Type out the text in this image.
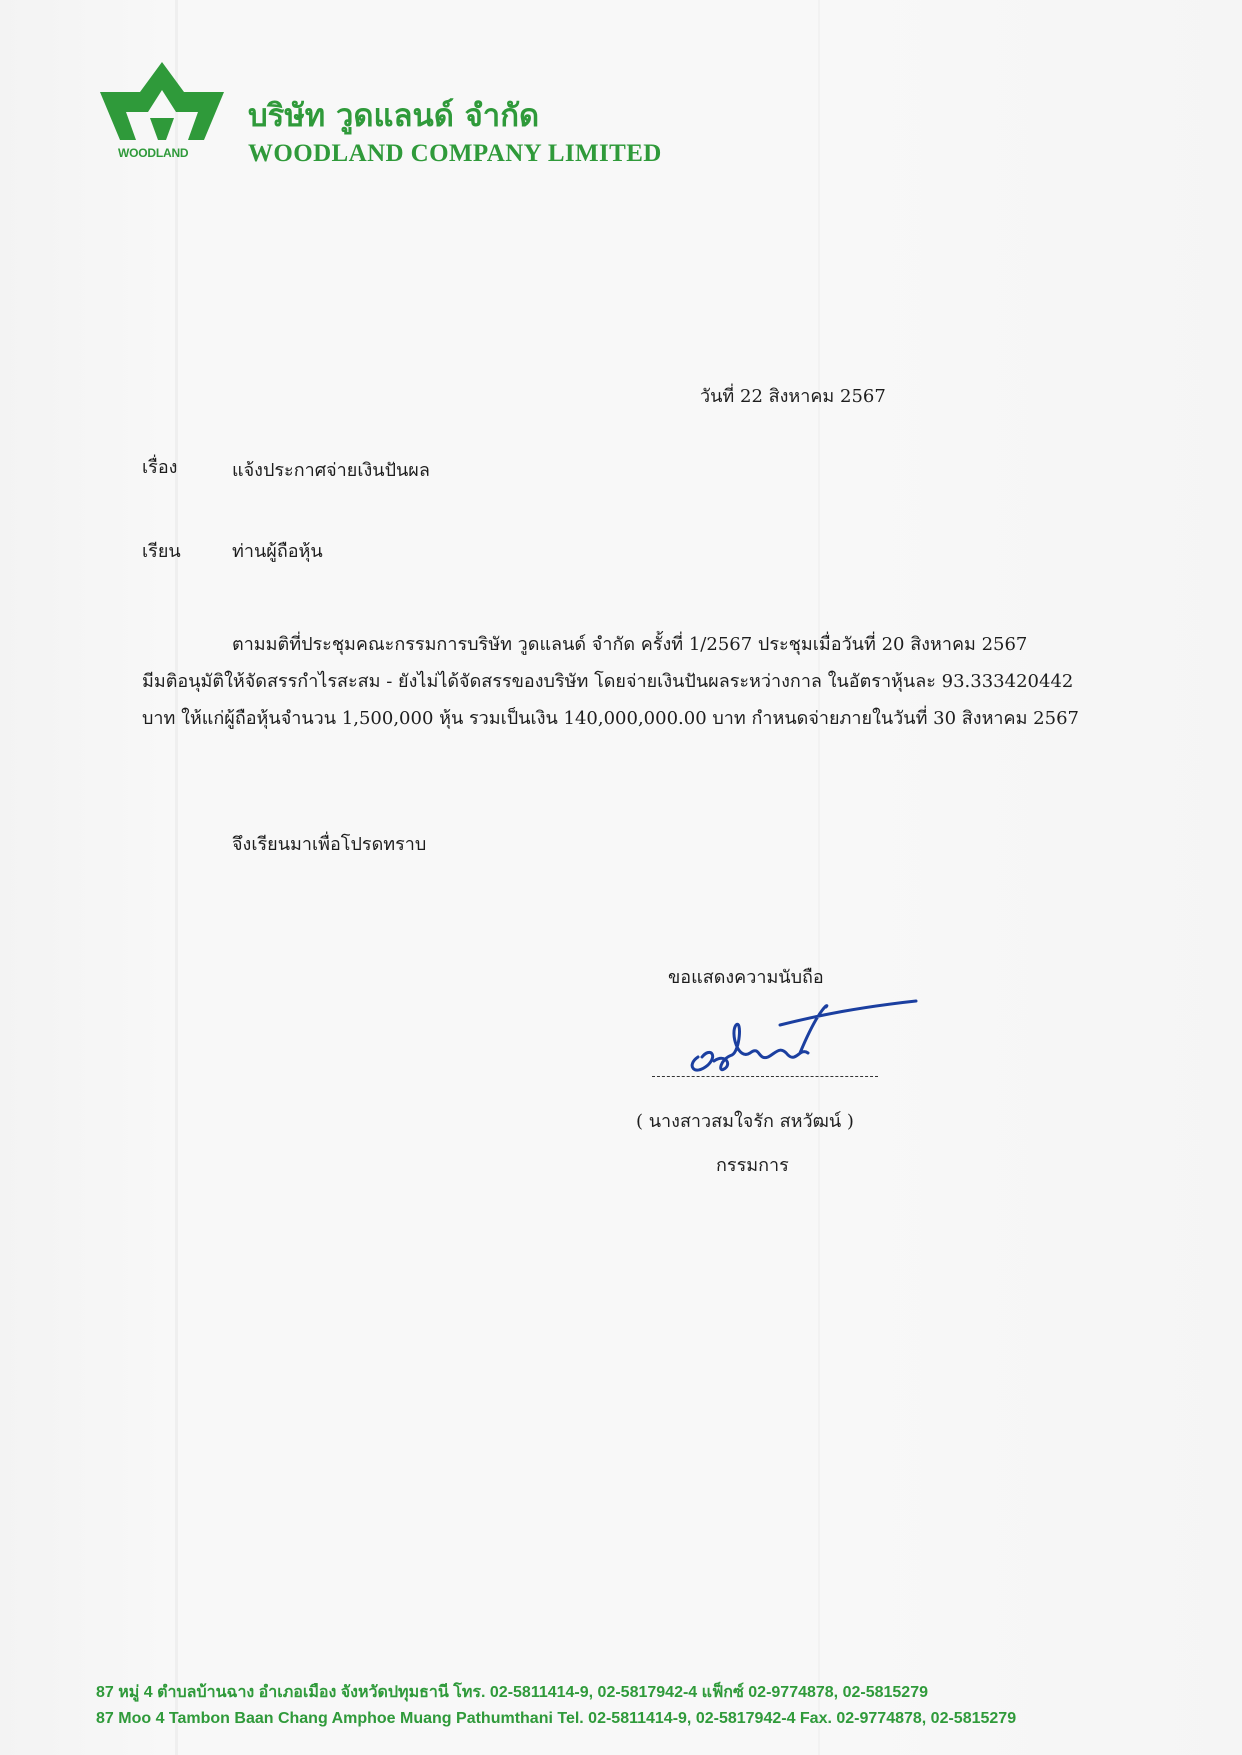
WOODLAND
บริษัท วูดแลนด์ จำกัด
WOODLAND COMPANY LIMITED
วันที่ 22 สิงหาคม 2567
เรื่อง	แจ้งประกาศจ่ายเงินปันผล
เรียน	ท่านผู้ถือหุ้น
ตามมติที่ประชุมคณะกรรมการบริษัท วูดแลนด์ จำกัด ครั้งที่ 1/2567 ประชุมเมื่อวันที่ 20 สิงหาคม 2567
มีมติอนุมัติให้จัดสรรกำไรสะสม - ยังไม่ได้จัดสรรของบริษัท โดยจ่ายเงินปันผลระหว่างกาล ในอัตราหุ้นละ 93.333420442
บาท ให้แก่ผู้ถือหุ้นจำนวน 1,500,000 หุ้น รวมเป็นเงิน 140,000,000.00 บาท กำหนดจ่ายภายในวันที่ 30 สิงหาคม 2567
จึงเรียนมาเพื่อโปรดทราบ
ขอแสดงความนับถือ
( นางสาวสมใจรัก สหวัฒน์ )
กรรมการ
87 หมู่ 4 ตำบลบ้านฉาง อำเภอเมือง จังหวัดปทุมธานี โทร. 02-5811414-9, 02-5817942-4 แฟ็กซ์ 02-9774878, 02-5815279
87 Moo 4 Tambon Baan Chang Amphoe Muang Pathumthani Tel. 02-5811414-9, 02-5817942-4 Fax. 02-9774878, 02-5815279
